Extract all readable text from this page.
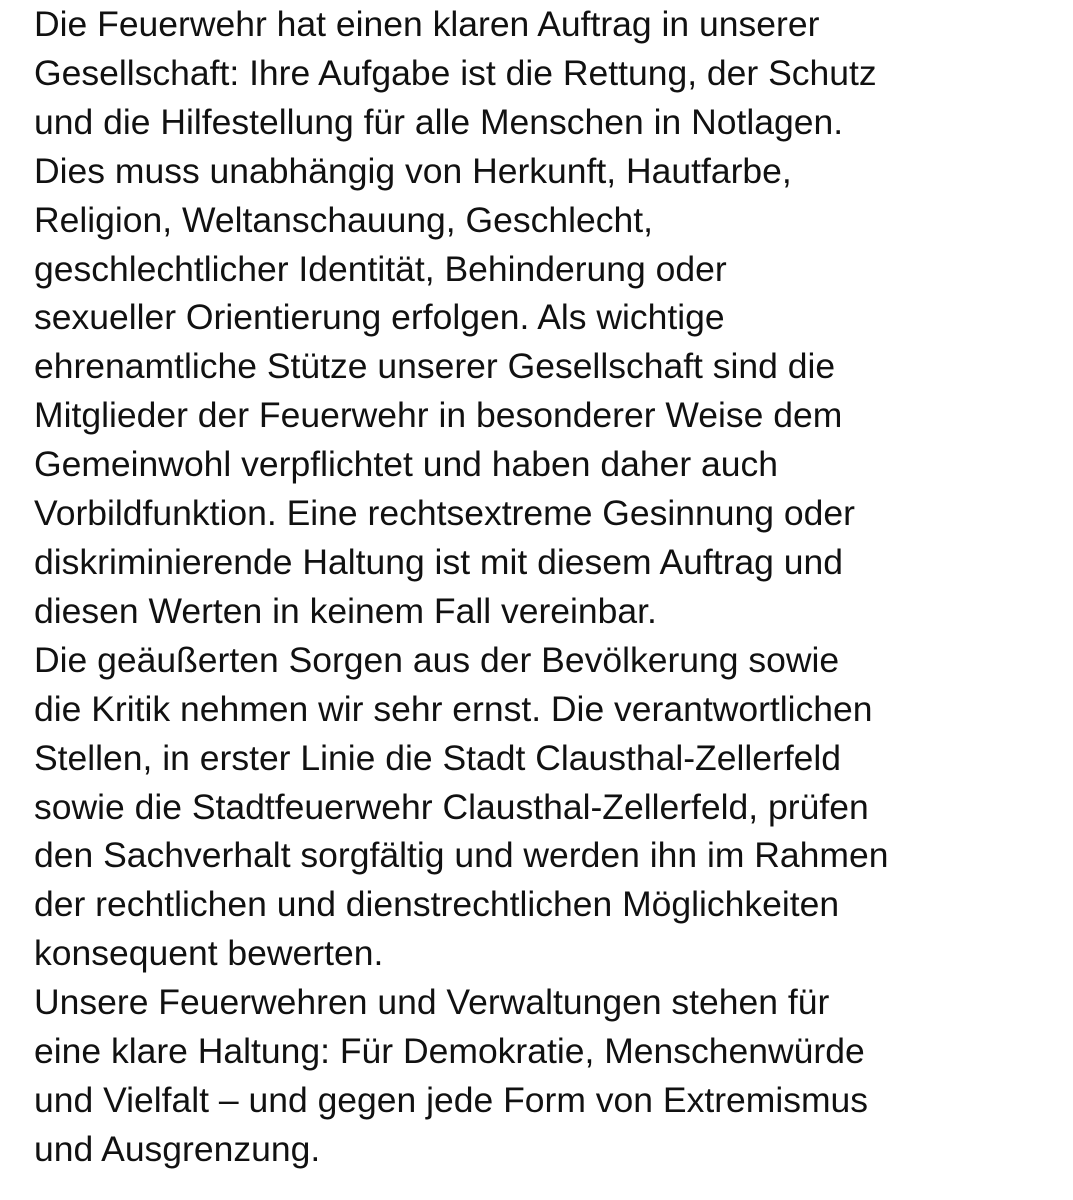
Die Feuerwehr hat einen klaren Auftrag in unserer
Gesellschaft: Ihre Aufgabe ist die Rettung, der Schutz
und die Hilfestellung für alle Menschen in Notlagen.
Dies muss unabhängig von Herkunft, Hautfarbe,
Religion, Weltanschauung, Geschlecht,
geschlechtlicher Identität, Behinderung oder
sexueller Orientierung erfolgen. Als wichtige
ehrenamtliche Stütze unserer Gesellschaft sind die
Mitglieder der Feuerwehr in besonderer Weise dem
Gemeinwohl verpflichtet und haben daher auch
Vorbildfunktion. Eine rechtsextreme Gesinnung oder
diskriminierende Haltung ist mit diesem Auftrag und
diesen Werten in keinem Fall vereinbar.
Die geäußerten Sorgen aus der Bevölkerung sowie
die Kritik nehmen wir sehr ernst. Die verantwortlichen
Stellen, in erster Linie die Stadt Clausthal-Zellerfeld
sowie die Stadtfeuerwehr Clausthal-Zellerfeld, prüfen
den Sachverhalt sorgfältig und werden ihn im Rahmen
der rechtlichen und dienstrechtlichen Möglichkeiten
konsequent bewerten.
Unsere Feuerwehren und Verwaltungen stehen für
eine klare Haltung: Für Demokratie, Menschenwürde
und Vielfalt – und gegen jede Form von Extremismus
und Ausgrenzung.
